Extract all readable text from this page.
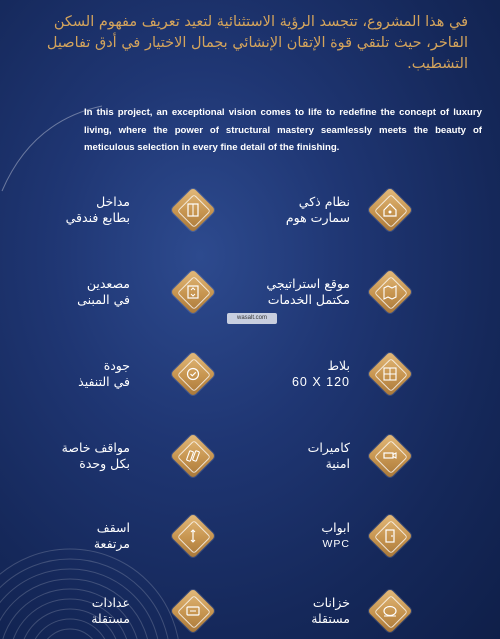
في هذا المشروع، تتجسد الرؤية الاستثنائية لتعيد تعريف مفهوم السكن الفاخر، حيث تلتقي قوة الإتقان الإنشائي بجمال الاختيار في أدق تفاصيل التشطيب.
In this project, an exceptional vision comes to life to redefine the concept of luxury living, where the power of structural mastery seamlessly meets the beauty of meticulous selection in every fine detail of the finishing.
نظام ذكي
سمارت هوم
مداخل
بطابع فندقي
موقع استراتيجي
مكتمل الخدمات
مصعدين
في المبنى
wasalt.com
بلاط
60 X 120
جودة
في التنفيذ
كاميرات
امنية
مواقف خاصة
بكل وحدة
ابواب
WPC
اسقف
مرتفعة
خزانات
مستقلة
عدادات
مستقلة
